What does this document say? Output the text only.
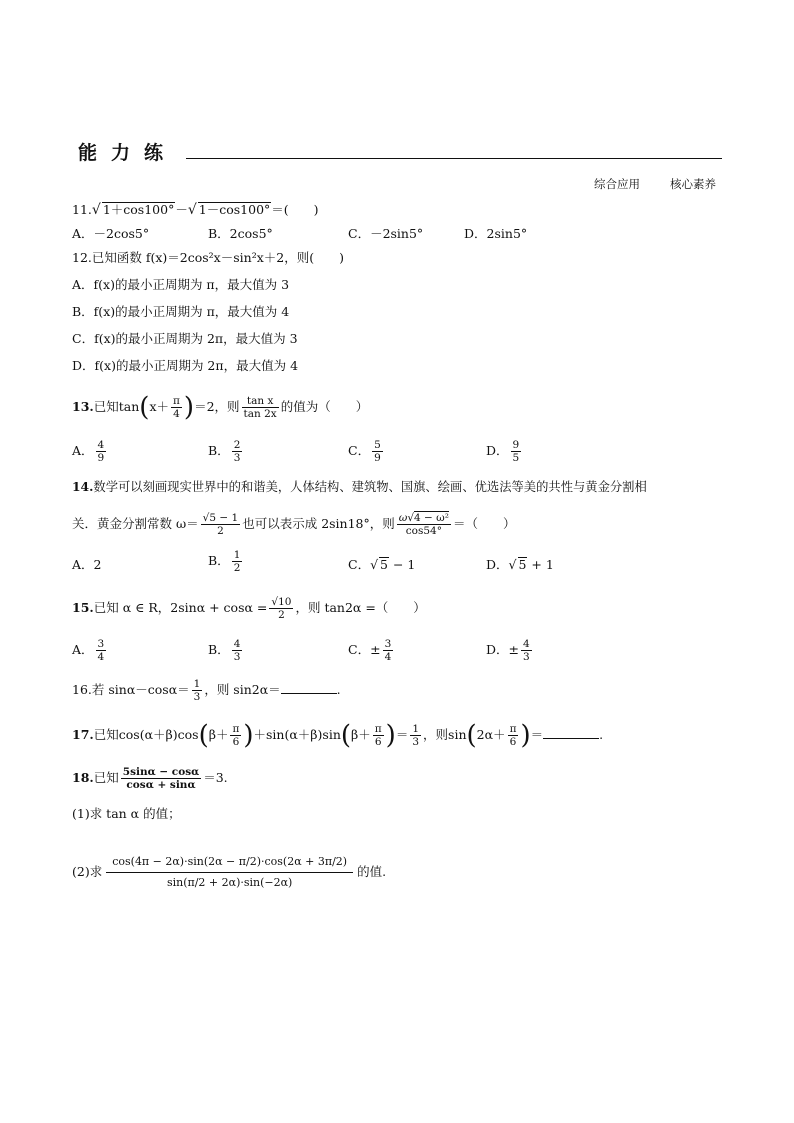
能力练
综合应用	核心素养
11.√ 1＋cos100°－√ 1－cos100°＝(　　)
A．－2cos5°	B．2cos5°	C．－2sin5°	D．2sin5°
12.已知函数 f(x)＝2cos²x－sin²x＋2，则(　　)
A．f(x)的最小正周期为 π，最大值为 3
B．f(x)的最小正周期为 π，最大值为 4
C．f(x)的最小正周期为 2π，最大值为 3
D．f(x)的最小正周期为 2π，最大值为 4
13.已知$\tan(x+ \frac{\pi}{4} )=2$，则 $\frac{\text{tan x}}{\tan 2x}$ 的值为（　　）
A． $\frac{4}{9}$	B． $\frac{2}{3}$	C． $\frac{5}{9}$	D． $\frac{9}{5}$
14.数学可以刻画现实世界中的和谐美，人体结构、建筑物、国旗、绘画、优选法等美的共性与黄金分割相
关．黄金分割常数 $\omega= \frac{√5 - 1}{2}$ 也可以表示成 2sin18°，则 $\frac{\text{ω√4 − ω²}}{\cos 54^\circ}$ ＝（　　）
A．2	B． $\frac{1}{2}$	C．√ 5 − 1	D．√ 5 + 1
15.已知 α ∈ R，$2\sin\alpha + \cos\alpha = \frac{√10}{2}$ ，则 tan2α =（　　）
A． $\frac{3}{4}$	B． $\frac{4}{3}$	C．± $\frac{3}{4}$	D．± $\frac{4}{3}$
16.若 $\sin\alpha-\cos\alpha= \frac{1}{3}$ ，则 sin2α＝	.
17.已知$\cos(\alpha+\beta)\cos(\beta+ \frac{\pi}{6} )+\sin(\alpha+\beta)\sin(\beta+ \frac{\pi}{6}$ )＝ $\frac{1}{3}$ ，则$\sin(2\alpha+ \frac{\pi}{6}$ )＝	.
18.已知 $\frac{5\sin\alpha - \cos\alpha}{\cos\alpha + \sin\alpha} =3$.
(1)求 tan α 的值；
(2)求 $\frac{\cos(4\pi - 2\alpha)\cdot\sin(2\alpha - \pi/2)\cdot\cos(2\alpha + 3\pi/2)}{\sin(\pi/2 + 2\alpha)\cdot\sin(-2\alpha)}$ 的值.
